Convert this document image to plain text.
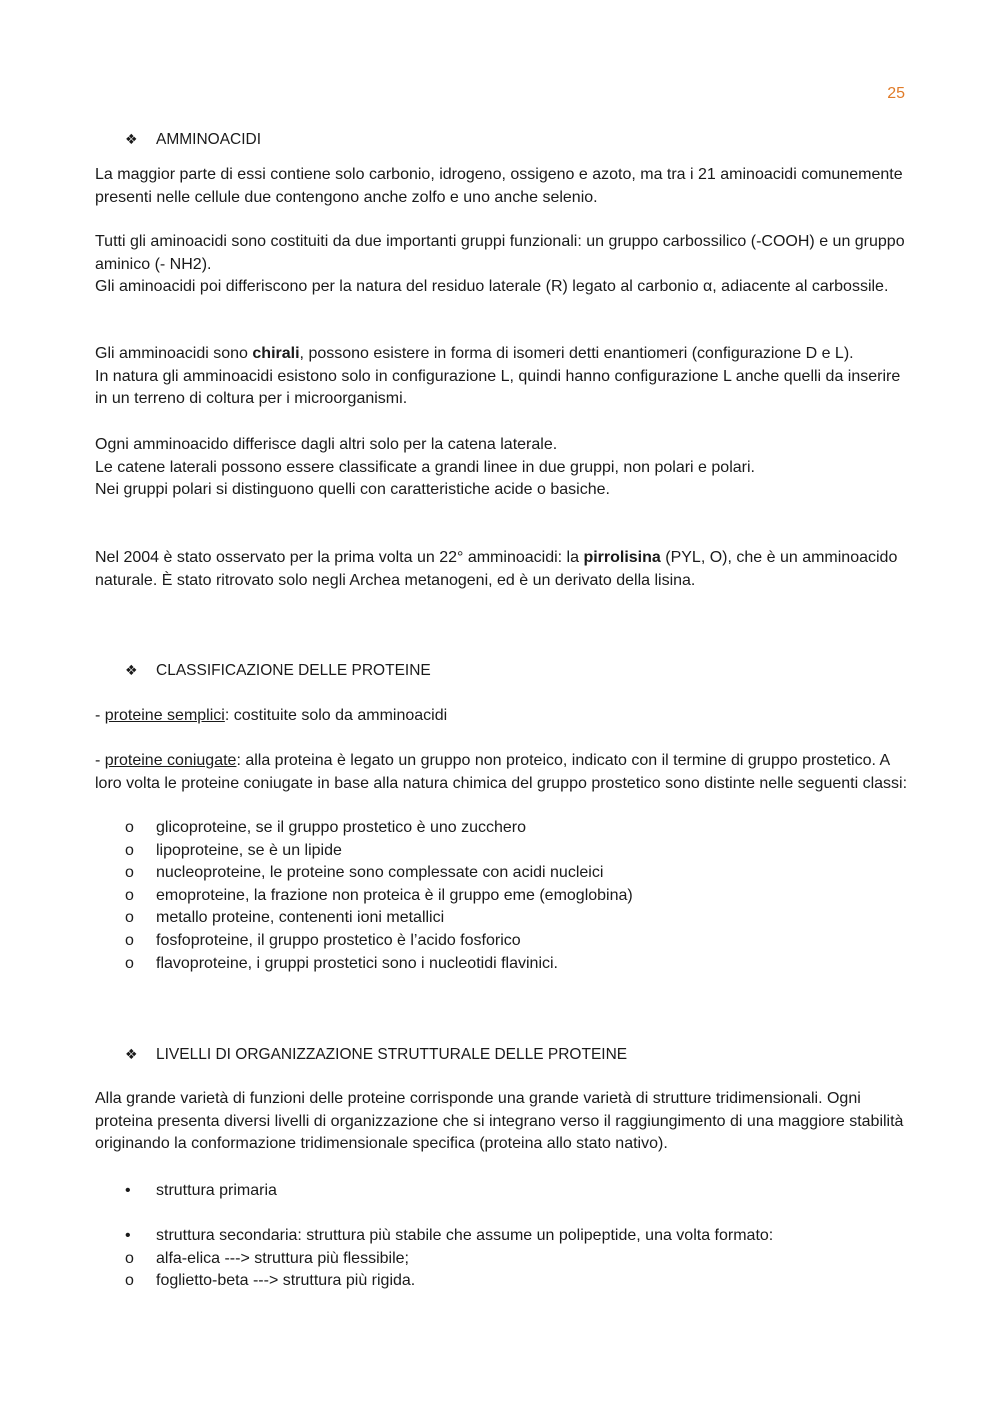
25
❖ AMMINOACIDI

La maggior parte di essi contiene solo carbonio, idrogeno, ossigeno e azoto, ma tra i 21 aminoacidi comunemente presenti nelle cellule due contengono anche zolfo e uno anche selenio.

Tutti gli aminoacidi sono costituiti da due importanti gruppi funzionali: un gruppo carbossilico (-COOH) e un gruppo aminico (- NH2).

Gli aminoacidi poi differiscono per la natura del residuo laterale (R) legato al carbonio α, adiacente al carbossile.

Gli amminoacidi sono chirali, possono esistere in forma di isomeri detti enantiomeri (configurazione D e L).

In natura gli amminoacidi esistono solo in configurazione L, quindi hanno configurazione L anche quelli da inserire in un terreno di coltura per i microorganismi.

Ogni amminoacido differisce dagli altri solo per la catena laterale.

Le catene laterali possono essere classificate a grandi linee in due gruppi, non polari e polari.

Nei gruppi polari si distinguono quelli con caratteristiche acide o basiche.

Nel 2004 è stato osservato per la prima volta un 22° amminoacidi: la pirrolisina (PYL, O), che è un amminoacido naturale. È stato ritrovato solo negli Archea metanogeni, ed è un derivato della lisina.

❖ CLASSIFICAZIONE DELLE PROTEINE

- proteine semplici: costituite solo da amminoacidi

- proteine coniugate: alla proteina è legato un gruppo non proteico, indicato con il termine di gruppo prostetico. A loro volta le proteine coniugate in base alla natura chimica del gruppo prostetico sono distinte nelle seguenti classi:

o	glicoproteine, se il gruppo prostetico è uno zucchero
o	lipoproteine, se è un lipide
o	nucleoproteine, le proteine sono complessate con acidi nucleici
o	emoproteine, la frazione non proteica è il gruppo eme (emoglobina)
o	metallo proteine, contenenti ioni metallici
o	fosfoproteine, il gruppo prostetico è l’acido fosforico
o	flavoproteine, i gruppi prostetici sono i nucleotidi flavinici.
❖ LIVELLI DI ORGANIZZAZIONE STRUTTURALE DELLE PROTEINE

Alla grande varietà di funzioni delle proteine corrisponde una grande varietà di strutture tridimensionali. Ogni proteina presenta diversi livelli di organizzazione che si integrano verso il raggiungimento di una maggiore stabilità originando la conformazione tridimensionale specifica (proteina allo stato nativo).

•	struttura primaria
•	struttura secondaria: struttura più stabile che assume un polipeptide, una volta formato:
o	alfa-elica ---> struttura più flessibile;
o	foglietto-beta ---> struttura più rigida.
